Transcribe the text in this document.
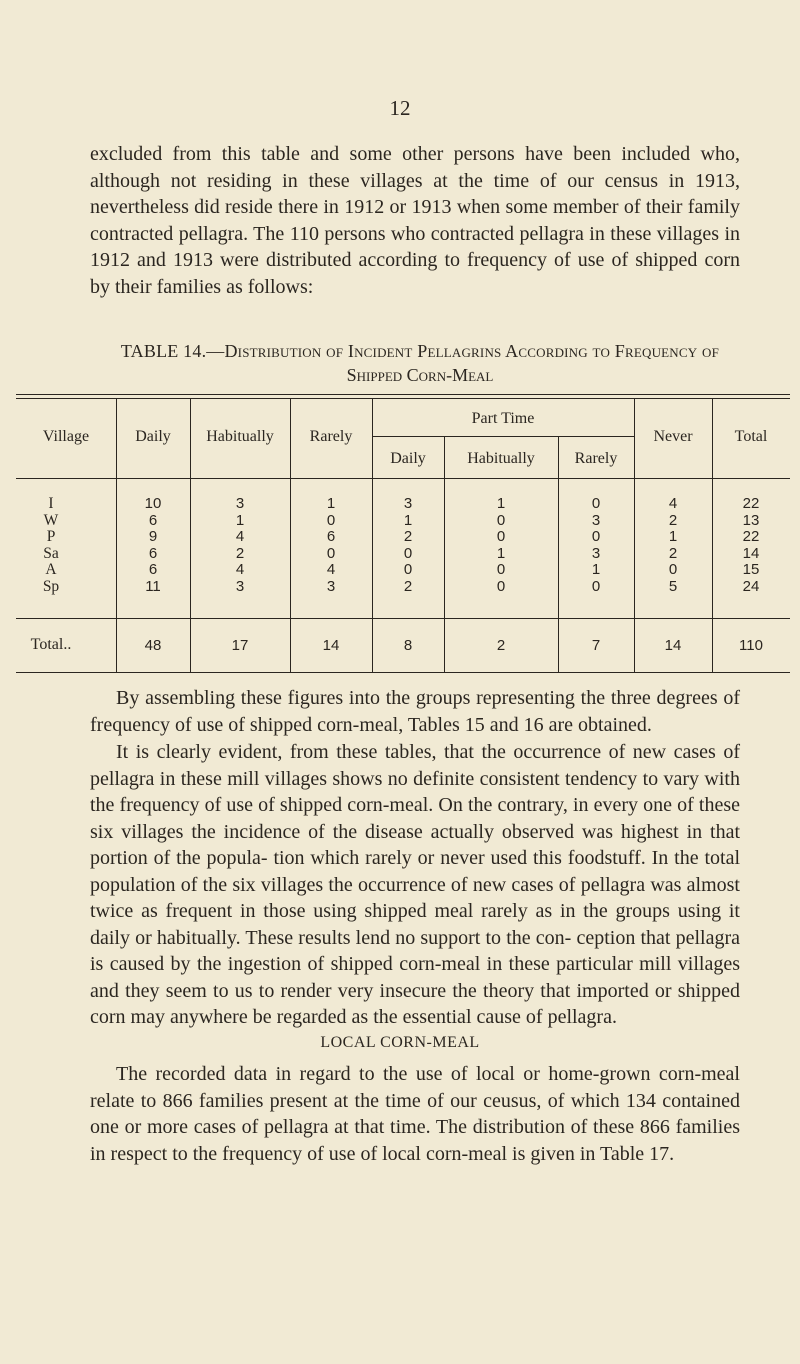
12

excluded from this table and some other persons have been included who, although not residing in these villages at the time of our census in 1913, nevertheless did reside there in 1912 or 1913 when some member of their family contracted pellagra. The 110 persons who contracted pellagra in these villages in 1912 and 1913 were distributed according to frequency of use of shipped corn by their families as follows:

TABLE 14.—Distribution of Incident Pellagrins According to Frequency of
Shipped Corn-Meal
Village	Daily	Habitually	Rarely
Part Time
Daily	Habitually	Rarely
Never	Total
I	10	3	1	3	1	0	4	22
W	6	1	0	1	0	3	2	13
P	9	4	6	2	0	0	1	22
Sa	6	2	0	0	1	3	2	14
A	6	4	4	0	0	1	0	15
Sp	11	3	3	2	0	0	5	24
Total..	48	17	14	8	2	7	14	110

By assembling these figures into the groups representing the three degrees of frequency of use of shipped corn-meal, Tables 15 and 16 are obtained.

It is clearly evident, from these tables, that the occurrence of new cases of pellagra in these mill villages shows no definite consistent tendency to vary with the frequency of use of shipped corn-meal. On the contrary, in every one of these six villages the incidence of the disease actually observed was highest in that portion of the popula- tion which rarely or never used this foodstuff. In the total population of the six villages the occurrence of new cases of pellagra was almost twice as frequent in those using shipped meal rarely as in the groups using it daily or habitually. These results lend no support to the con- ception that pellagra is caused by the ingestion of shipped corn-meal in these particular mill villages and they seem to us to render very insecure the theory that imported or shipped corn may anywhere be regarded as the essential cause of pellagra.

LOCAL CORN-MEAL

The recorded data in regard to the use of local or home-grown corn-meal relate to 866 families present at the time of our ceusus, of which 134 contained one or more cases of pellagra at that time. The distribution of these 866 families in respect to the frequency of use of local corn-meal is given in Table 17.
